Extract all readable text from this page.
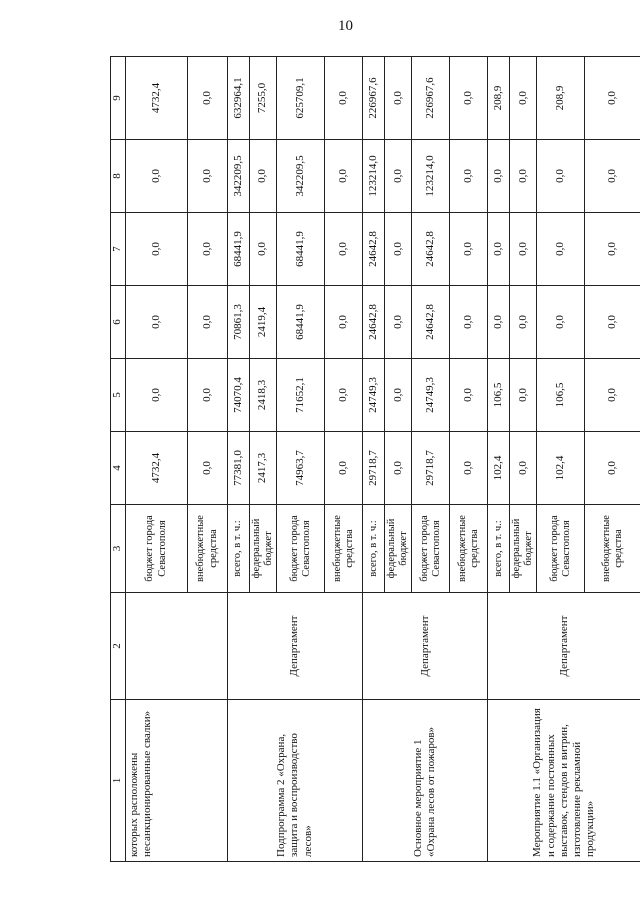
10
1	2	3	4	5	6	7	8	9
которых расположены несанкционированные свалки»		бюджет города Севастополя	4732,4	0,0	0,0	0,0	0,0	4732,4
		внебюджетные средства	0,0	0,0	0,0	0,0	0,0	0,0
Подпрограмма 2 «Охрана, защита и воспроизводство лесов»	Департамент	всего, в т. ч.:	77381,0	74070,4	70861,3	68441,9	342209,5	632964,1
		федеральный бюджет	2417,3	2418,3	2419,4	0,0	0,0	7255,0
		бюджет города Севастополя	74963,7	71652,1	68441,9	68441,9	342209,5	625709,1
		внебюджетные средства	0,0	0,0	0,0	0,0	0,0	0,0
Основное мероприятие 1 «Охрана лесов от пожаров»	Департамент	всего, в т. ч.:	29718,7	24749,3	24642,8	24642,8	123214,0	226967,6
		федеральный бюджет	0,0	0,0	0,0	0,0	0,0	0,0
		бюджет города Севастополя	29718,7	24749,3	24642,8	24642,8	123214,0	226967,6
		внебюджетные средства	0,0	0,0	0,0	0,0	0,0	0,0
Мероприятие 1.1 «Организация и содержание постоянных выставок, стендов и витрин, изготовление рекламной продукции»	Департамент	всего, в т. ч.:	102,4	106,5	0,0	0,0	0,0	208,9
		федеральный бюджет	0,0	0,0	0,0	0,0	0,0	0,0
		бюджет города Севастополя	102,4	106,5	0,0	0,0	0,0	208,9
		внебюджетные средства	0,0	0,0	0,0	0,0	0,0	0,0
